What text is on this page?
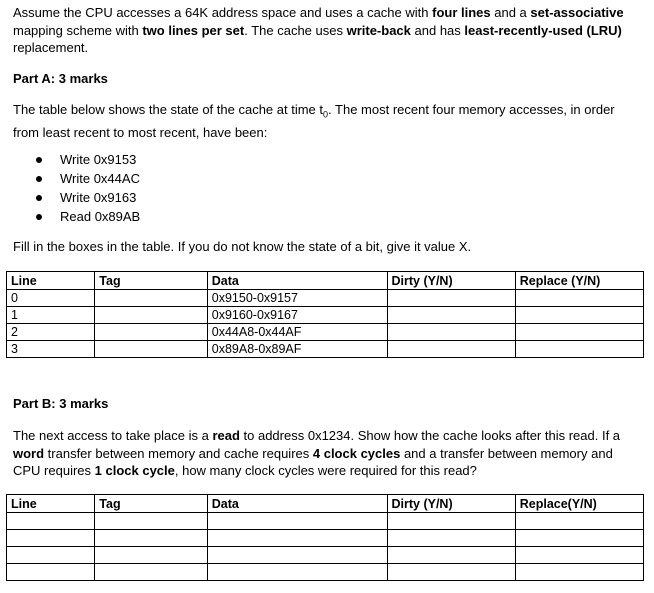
Assume the CPU accesses a 64K address space and uses a cache with four lines and a set-associative mapping scheme with two lines per set. The cache uses write-back and has least-recently-used (LRU) replacement.
Part A: 3 marks
The table below shows the state of the cache at time $t_0$. The most recent four memory accesses, in order from least recent to most recent, have been:
Write 0x9153
Write 0x44AC
Write 0x9163
Read 0x89AB
Fill in the boxes in the table. If you do not know the state of a bit, give it value X.
Line	Tag	Data	Dirty (Y/N)	Replace (Y/N)
0		0x9150-0x9157		
1		0x9160-0x9167		
2		0x44A8-0x44AF		
3		0x89A8-0x89AF		
Part B: 3 marks
The next access to take place is a read to address 0x1234. Show how the cache looks after this read. If a word transfer between memory and cache requires 4 clock cycles and a transfer between memory and CPU requires 1 clock cycle, how many clock cycles were required for this read?
Line	Tag	Data	Dirty (Y/N)	Replace(Y/N)
